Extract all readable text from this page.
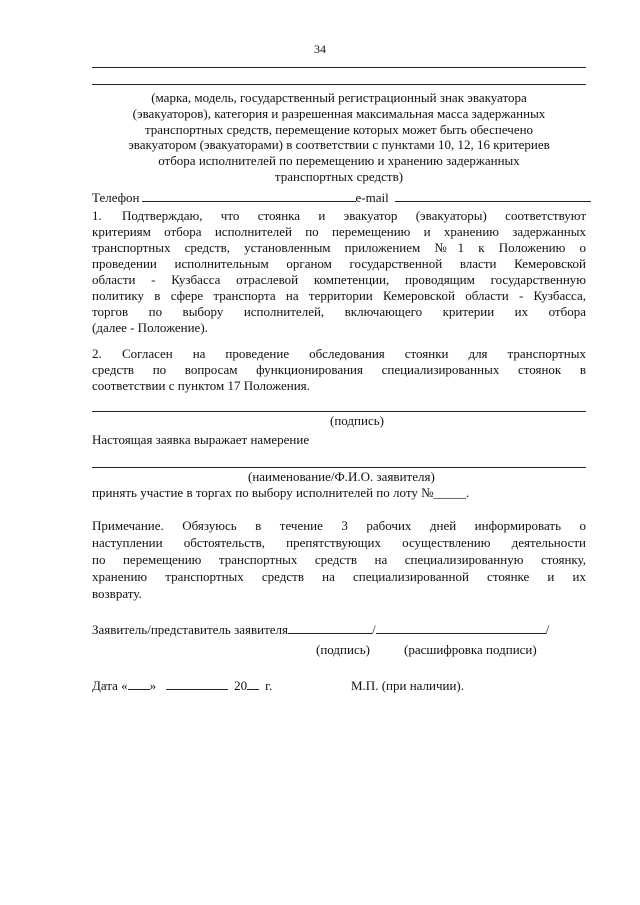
34
(марка, модель, государственный регистрационный знак эвакуатора
(эвакуаторов), категория и разрешенная максимальная масса задержанных
транспортных средств, перемещение которых может быть обеспечено
эвакуатором (эвакуаторами) в соответствии с пунктами 10, 12, 16 критериев
отбора исполнителей по перемещению и хранению задержанных
транспортных средств)
Телефон	e-mail
1. Подтверждаю, что стоянка и эвакуатор (эвакуаторы) соответствуют
критериям отбора исполнителей по перемещению и хранению задержанных
транспортных средств, установленным приложением №1 к Положению о
проведении исполнительным органом государственной власти Кемеровской
области - Кузбасса отраслевой компетенции, проводящим государственную
политику в сфере транспорта на территории Кемеровской области - Кузбасса,
торгов по выбору исполнителей, включающего критерии их отбора
(далее - Положение).
2. Согласен на проведение обследования стоянки для транспортных
средств по вопросам функционирования специализированных стоянок в
соответствии с пунктом 17 Положения.
(подпись)
Настоящая заявка выражает намерение
(наименование/Ф.И.О. заявителя)
принять участие в торгах по выбору исполнителей по лоту №_____.
Примечание. Обязуюсь в течение 3 рабочих дней информировать о
наступлении обстоятельств, препятствующих осуществлению деятельности
по перемещению транспортных средств на специализированную стоянку,
хранению транспортных средств на специализированной стоянке и их
возврату.
Заявитель/представитель заявителя	/	/
(подпись)	(расшифровка подписи)
Дата « »	20 г.	М.П. (при наличии).
